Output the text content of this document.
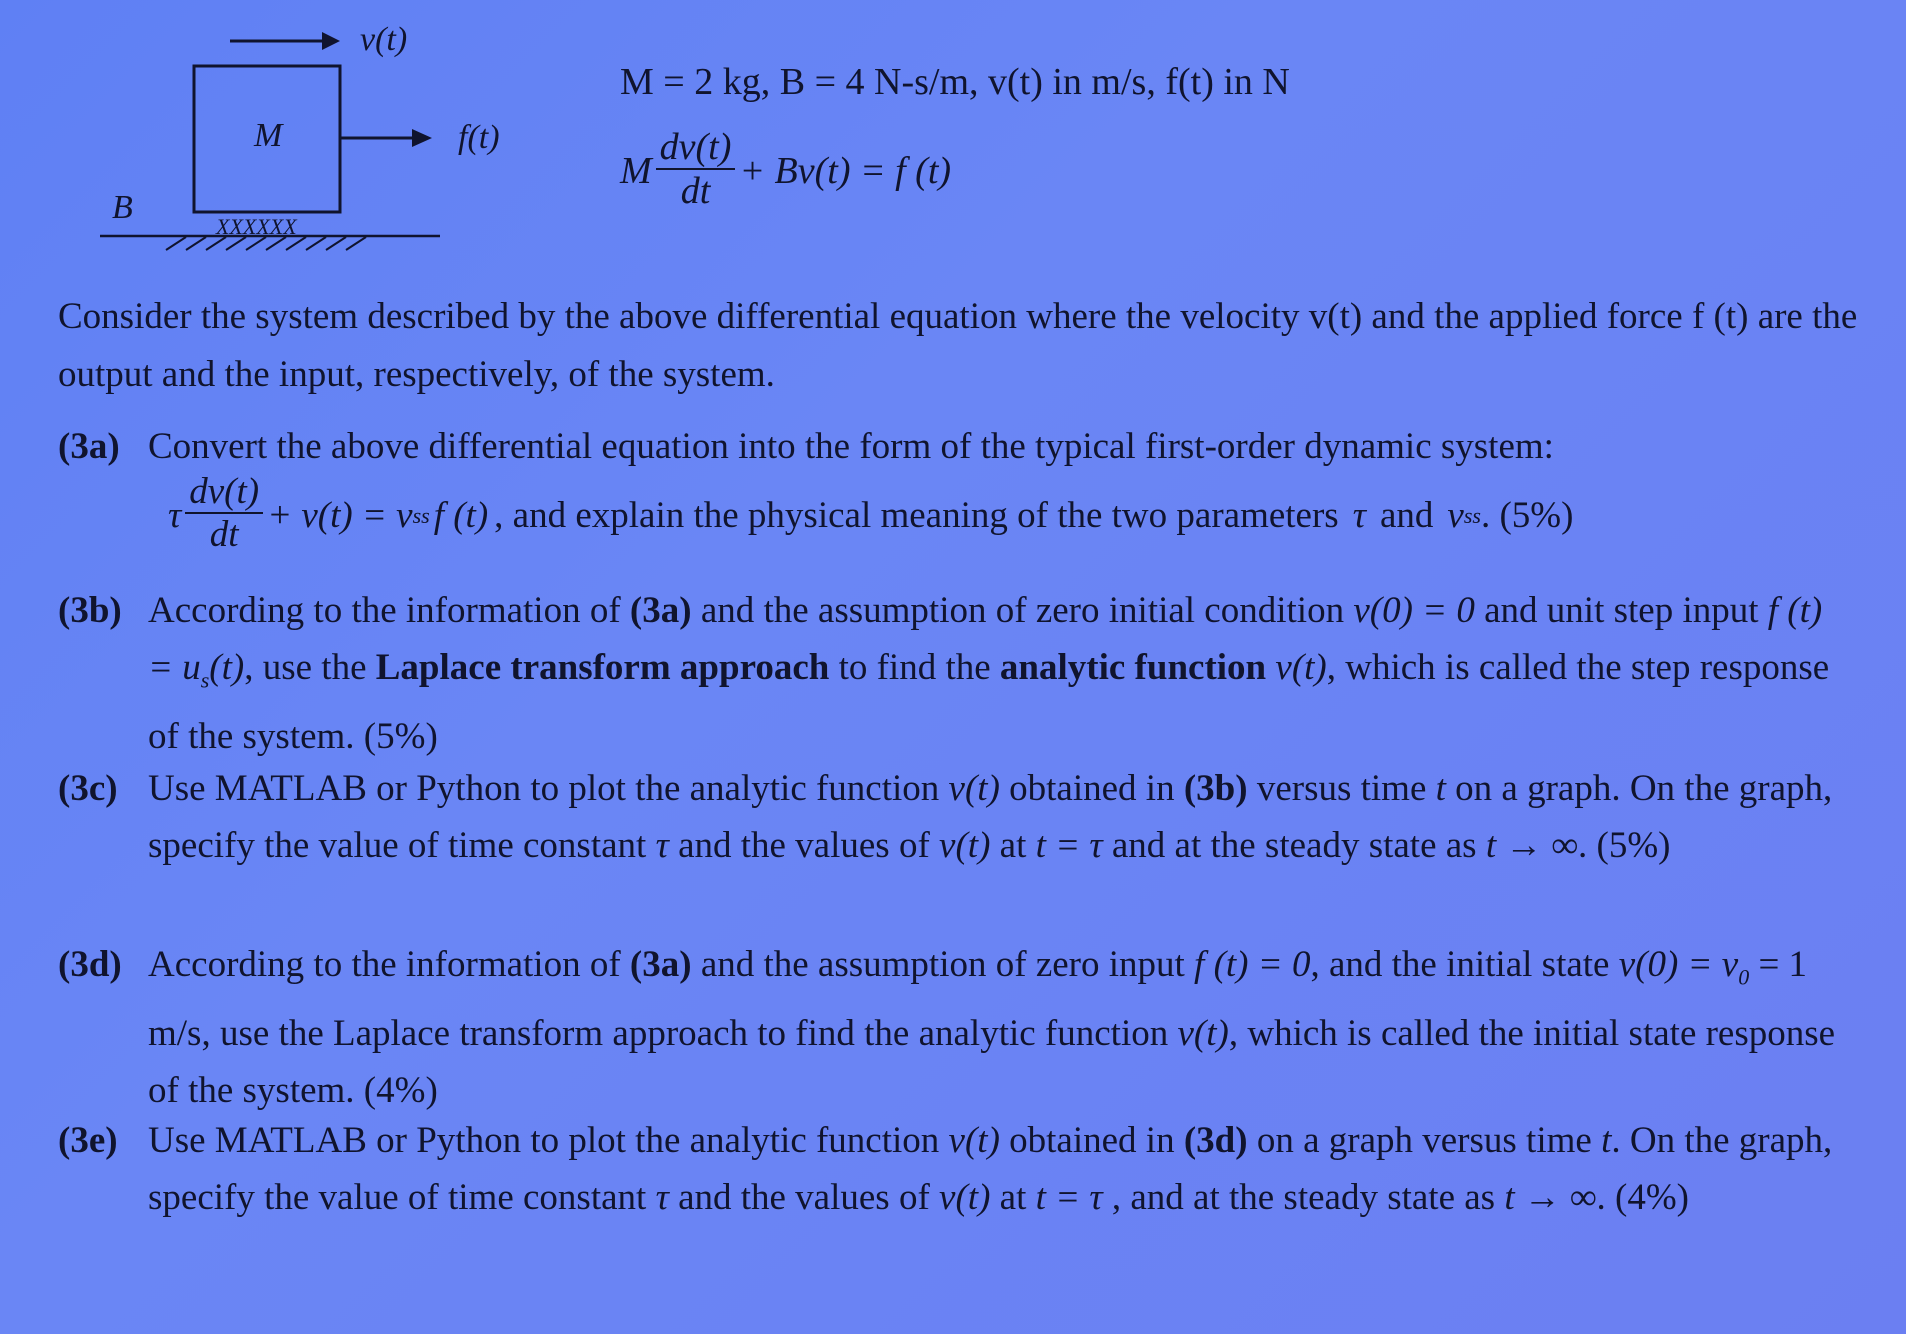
v(t)
M	f(t)
B
XXXXXX
M = 2 kg, B = 4 N-s/m, v(t) in m/s, f(t) in N
M $\frac{dv(t)}{dt} + Bv(t) = f$ (t)
Consider the system described by the above differential equation where the velocity v(t) and the applied force f (t) are the output and the input, respectively, of the system.
(3a) Convert the above differential equation into the form of the typical first-order dynamic system:
τ $\frac{dv(t)}{dt} + v(t) = v$ ss f (t) , and explain the physical meaning of the two parameters τ and v ss . (5%)
(3b) According to the information of (3a) and the assumption of zero initial condition v(0) = 0 and unit step input f $(t) = u_s(t)$, use the Laplace transform approach to find the analytic function v(t), which is called the step response of the system. (5%)
(3c) Use MATLAB or Python to plot the analytic function v(t) obtained in (3b) versus time t on a graph. On the graph, specify the value of time constant τ and the values of v(t) at t = τ and at the steady state as t → ∞. (5%)
(3d) According to the information of (3a) and the assumption of zero input f (t) = 0, and the initial state $v(0) = v_0 = 1$ m/s, use the Laplace transform approach to find the analytic function v(t), which is called the initial state response of the system. (4%)
(3e) Use MATLAB or Python to plot the analytic function v(t) obtained in (3d) on a graph versus time t. On the graph, specify the value of time constant τ and the values of v(t) at t = τ , and at the steady state as t → ∞. (4%)
